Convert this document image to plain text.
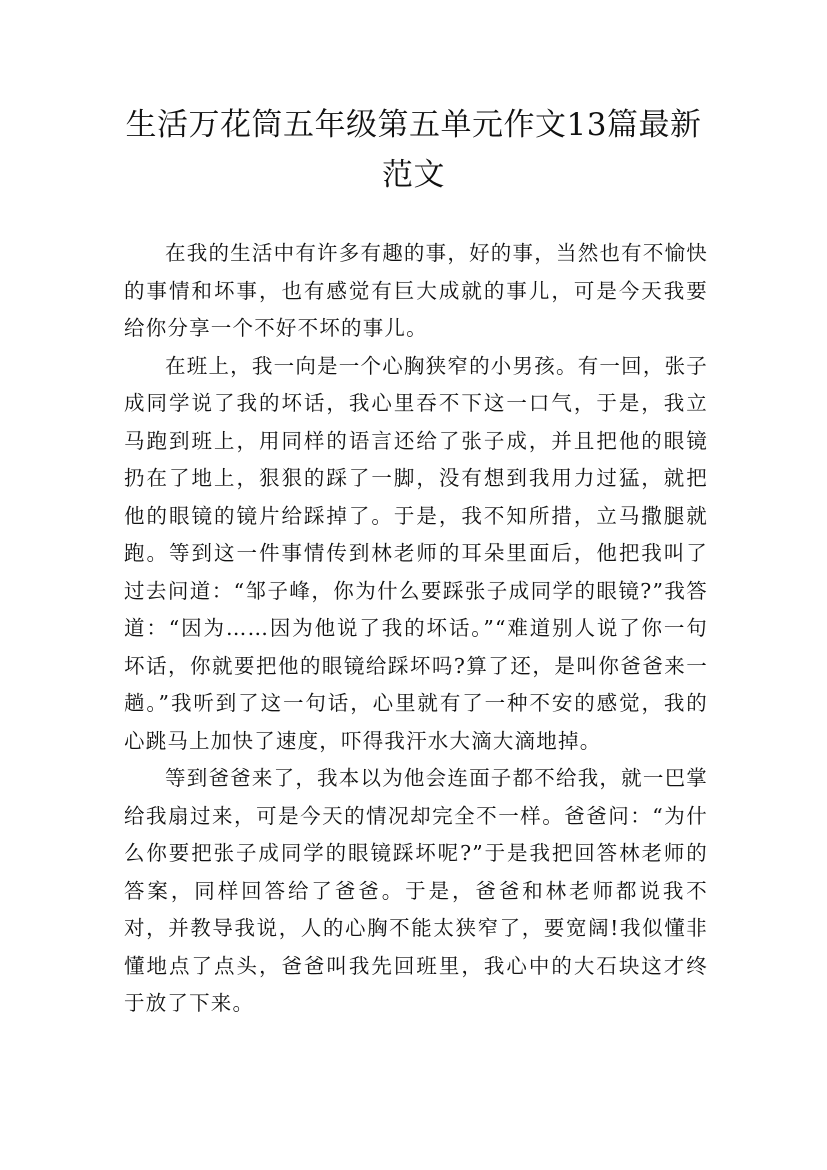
生活万花筒五年级第五单元作文13篇最新
范文

在我的生活中有许多有趣的事，好的事，当然也有不愉快的事情和坏事，也有感觉有巨大成就的事儿，可是今天我要给你分享一个不好不坏的事儿。

在班上，我一向是一个心胸狭窄的小男孩。有一回，张子成同学说了我的坏话，我心里吞不下这一口气，于是，我立马跑到班上，用同样的语言还给了张子成，并且把他的眼镜扔在了地上，狠狠的踩了一脚，没有想到我用力过猛，就把他的眼镜的镜片给踩掉了。于是，我不知所措，立马撒腿就跑。等到这一件事情传到林老师的耳朵里面后，他把我叫了过去问道：“邹子峰，你为什么要踩张子成同学的眼镜?”我答道：“因为……因为他说了我的坏话。”“难道别人说了你一句坏话，你就要把他的眼镜给踩坏吗?算了还，是叫你爸爸来一趟。”我听到了这一句话，心里就有了一种不安的感觉，我的心跳马上加快了速度，吓得我汗水大滴大滴地掉。

等到爸爸来了，我本以为他会连面子都不给我，就一巴掌给我扇过来，可是今天的情况却完全不一样。爸爸问：“为什么你要把张子成同学的眼镜踩坏呢?”于是我把回答林老师的答案，同样回答给了爸爸。于是，爸爸和林老师都说我不对，并教导我说，人的心胸不能太狭窄了，要宽阔!我似懂非懂地点了点头，爸爸叫我先回班里，我心中的大石块这才终于放了下来。
